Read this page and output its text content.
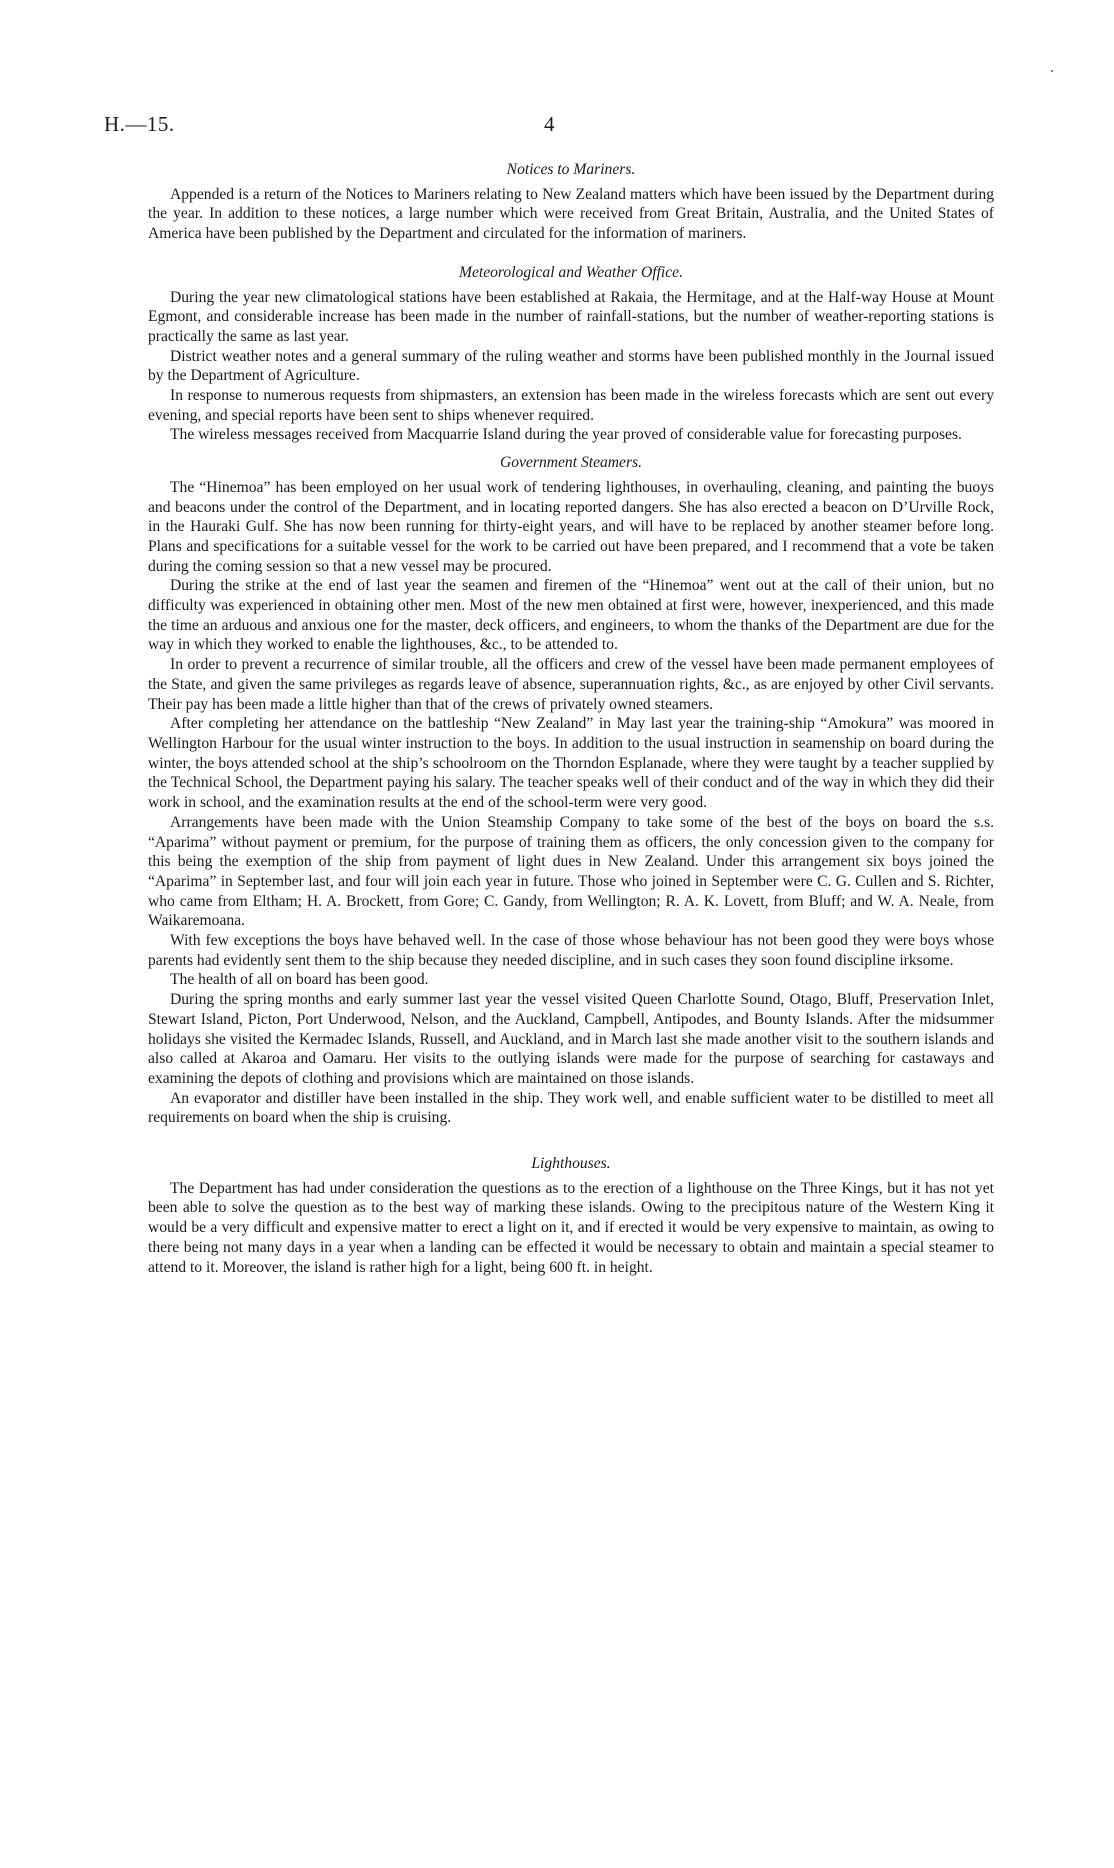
H.—15.	4
Notices to Mariners.

Appended is a return of the Notices to Mariners relating to New Zealand matters which have been issued by the Department during the year. In addition to these notices, a large number which were received from Great Britain, Australia, and the United States of America have been published by the Department and circulated for the information of mariners.

Meteorological and Weather Office.

During the year new climatological stations have been established at Rakaia, the Hermitage, and at the Half-way House at Mount Egmont, and considerable increase has been made in the number of rainfall-stations, but the number of weather-reporting stations is practically the same as last year.

District weather notes and a general summary of the ruling weather and storms have been published monthly in the Journal issued by the Department of Agriculture.

In response to numerous requests from shipmasters, an extension has been made in the wireless forecasts which are sent out every evening, and special reports have been sent to ships whenever required.

The wireless messages received from Macquarrie Island during the year proved of considerable value for forecasting purposes.

Government Steamers.

The “Hinemoa” has been employed on her usual work of tendering lighthouses, in overhauling, cleaning, and painting the buoys and beacons under the control of the Department, and in locating reported dangers. She has also erected a beacon on D’Urville Rock, in the Hauraki Gulf. She has now been running for thirty-eight years, and will have to be replaced by another steamer before long. Plans and specifications for a suitable vessel for the work to be carried out have been prepared, and I recommend that a vote be taken during the coming session so that a new vessel may be procured.

During the strike at the end of last year the seamen and firemen of the “Hinemoa” went out at the call of their union, but no difficulty was experienced in obtaining other men. Most of the new men obtained at first were, however, inexperienced, and this made the time an arduous and anxious one for the master, deck officers, and engineers, to whom the thanks of the Department are due for the way in which they worked to enable the lighthouses, &c., to be attended to.

In order to prevent a recurrence of similar trouble, all the officers and crew of the vessel have been made permanent employees of the State, and given the same privileges as regards leave of absence, superannuation rights, &c., as are enjoyed by other Civil servants. Their pay has been made a little higher than that of the crews of privately owned steamers.

After completing her attendance on the battleship “New Zealand” in May last year the training-ship “Amokura” was moored in Wellington Harbour for the usual winter instruction to the boys. In addition to the usual instruction in seamenship on board during the winter, the boys attended school at the ship’s schoolroom on the Thorndon Esplanade, where they were taught by a teacher supplied by the Technical School, the Department paying his salary. The teacher speaks well of their conduct and of the way in which they did their work in school, and the examination results at the end of the school-term were very good.

Arrangements have been made with the Union Steamship Company to take some of the best of the boys on board the s.s. “Aparima” without payment or premium, for the purpose of training them as officers, the only concession given to the company for this being the exemption of the ship from payment of light dues in New Zealand. Under this arrangement six boys joined the “Aparima” in September last, and four will join each year in future. Those who joined in September were C. G. Cullen and S. Richter, who came from Eltham; H. A. Brockett, from Gore; C. Gandy, from Wellington; R. A. K. Lovett, from Bluff; and W. A. Neale, from Waikaremoana.

With few exceptions the boys have behaved well. In the case of those whose behaviour has not been good they were boys whose parents had evidently sent them to the ship because they needed discipline, and in such cases they soon found discipline irksome.

The health of all on board has been good.

During the spring months and early summer last year the vessel visited Queen Charlotte Sound, Otago, Bluff, Preservation Inlet, Stewart Island, Picton, Port Underwood, Nelson, and the Auckland, Campbell, Antipodes, and Bounty Islands. After the midsummer holidays she visited the Kermadec Islands, Russell, and Auckland, and in March last she made another visit to the southern islands and also called at Akaroa and Oamaru. Her visits to the outlying islands were made for the purpose of searching for castaways and examining the depots of clothing and provisions which are maintained on those islands.

An evaporator and distiller have been installed in the ship. They work well, and enable sufficient water to be distilled to meet all requirements on board when the ship is cruising.

Lighthouses.

The Department has had under consideration the questions as to the erection of a lighthouse on the Three Kings, but it has not yet been able to solve the question as to the best way of marking these islands. Owing to the precipitous nature of the Western King it would be a very difficult and expensive matter to erect a light on it, and if erected it would be very expensive to maintain, as owing to there being not many days in a year when a landing can be effected it would be necessary to obtain and maintain a special steamer to attend to it. Moreover, the island is rather high for a light, being 600 ft. in height.
